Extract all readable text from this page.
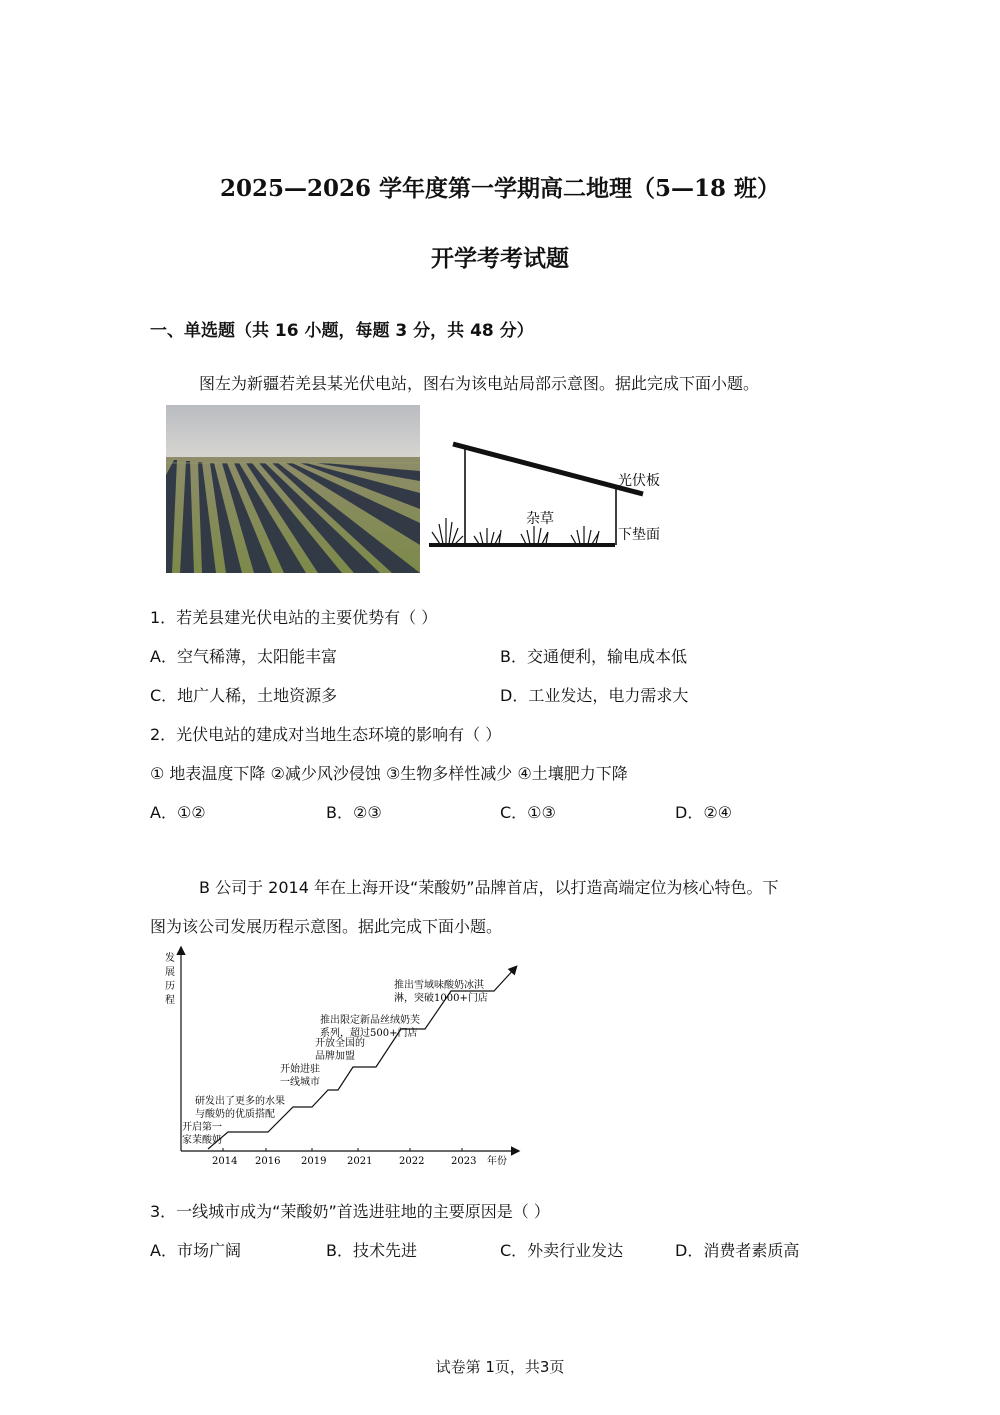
2025—2026 学年度第一学期高二地理（5—18 班）
开学考考试题
一、单选题（共 16 小题，每题 3 分，共 48 分）
图左为新疆若羌县某光伏电站，图右为该电站局部示意图。据此完成下面小题。
光伏板
杂草
下垫面
1．若羌县建光伏电站的主要优势有（ ）
A．空气稀薄，太阳能丰富	B．交通便利，输电成本低
C．地广人稀，土地资源多	D．工业发达，电力需求大
2．光伏电站的建成对当地生态环境的影响有（ ）
① 地表温度下降 ②减少风沙侵蚀 ③生物多样性减少 ④土壤肥力下降
A．①②	B．②③	C．①③	D．②④
B 公司于 2014 年在上海开设“茉酸奶”品牌首店，以打造高端定位为核心特色。下
图为该公司发展历程示意图。据此完成下面小题。
发
展
历
程
年份
2014 2016 2019 2021	2022	2023
开启第一
家茉酸奶
研发出了更多的水果
与酸奶的优质搭配
开始进驻
一线城市
开放全国的
品牌加盟
推出限定新品丝绒奶芙
系列，超过500+门店
推出雪域味酸奶冰淇
淋，突破1000+门店
3．一线城市成为“茉酸奶”首选进驻地的主要原因是（ ）
A．市场广阔	B．技术先进	C．外卖行业发达	D．消费者素质高
试卷第 1页，共3页
